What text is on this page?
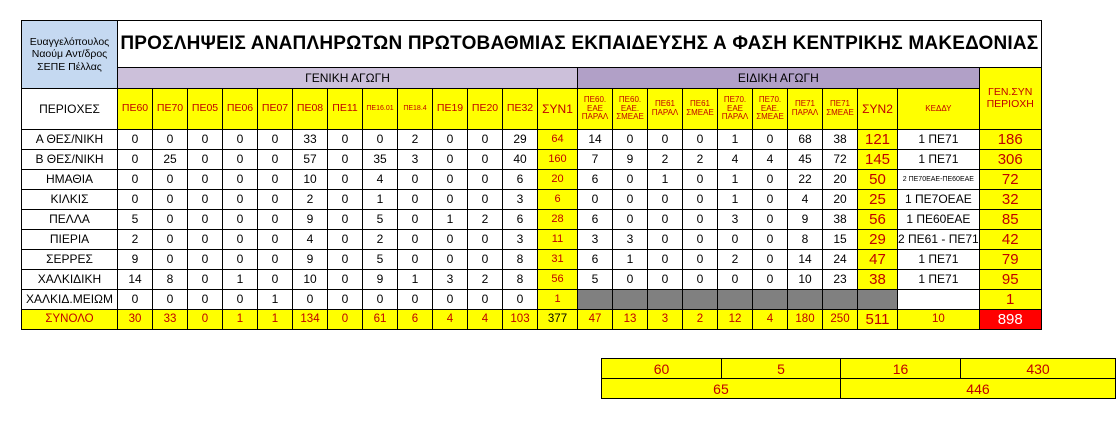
Ευαγγελόπουλος Ναούμ Αντ/δρος ΣΕΠΕ Πέλλας	ΠΡΟΣΛΗΨΕΙΣ ΑΝΑΠΛΗΡΩΤΩΝ ΠΡΩΤΟΒΑΘΜΙΑΣ ΕΚΠΑΙΔΕΥΣΗΣ Α ΦΑΣΗ ΚΕΝΤΡΙΚΗΣ ΜΑΚΕΔΟΝΙΑΣ																							
	ΓΕΝΙΚΗ ΑΓΩΓΗ													ΕΙΔΙΚΗ ΑΓΩΓΗ										ΓΕΝ.ΣΥΝ ΠΕΡΙΟΧΗ
ΠΕΡΙΟΧΕΣ	ΠΕ60	ΠΕ70	ΠΕ05	ΠΕ06	ΠΕ07	ΠΕ08	ΠΕ11	ΠΕ16.01	ΠΕ18.4	ΠΕ19	ΠΕ20	ΠΕ32	ΣΥΝ1	ΠΕ60. ΕΑΕ ΠΑΡΑΛ	ΠΕ60. ΕΑΕ. ΣΜΕΑΕ	ΠΕ61 ΠΑΡΑΛ	ΠΕ61 ΣΜΕΑΕ	ΠΕ70. ΕΑΕ ΠΑΡΑΛ	ΠΕ70. ΕΑΕ. ΣΜΕΑΕ	ΠΕ71 ΠΑΡΑΛ	ΠΕ71 ΣΜΕΑΕ	ΣΥΝ2	ΚΕΔΔΥ	
Α ΘΕΣ/ΝΙΚΗ	0	0	0	0	0	33	0	0	2	0	0	29	64	14	0	0	0	1	0	68	38	121	1 ΠΕ71	186
Β ΘΕΣ/ΝΙΚΗ	0	25	0	0	0	57	0	35	3	0	0	40	160	7	9	2	2	4	4	45	72	145	1 ΠΕ71	306
ΗΜΑΘΙΑ	0	0	0	0	0	10	0	4	0	0	0	6	20	6	0	1	0	1	0	22	20	50	2 ΠΕ70ΕΑΕ-ΠΕ60ΕΑΕ	72
ΚΙΛΚΙΣ	0	0	0	0	0	2	0	1	0	0	0	3	6	0	0	0	0	1	0	4	20	25	1 ΠΕ7ΟΕΑΕ	32
ΠΕΛΛΑ	5	0	0	0	0	9	0	5	0	1	2	6	28	6	0	0	0	3	0	9	38	56	1 ΠΕ60ΕΑΕ	85
ΠΙΕΡΙΑ	2	0	0	0	0	4	0	2	0	0	0	3	11	3	3	0	0	0	0	8	15	29	2 ΠΕ61 - ΠΕ71	42
ΣΕΡΡΕΣ	9	0	0	0	0	9	0	5	0	0	0	8	31	6	1	0	0	2	0	14	24	47	1 ΠΕ71	79
ΧΑΛΚΙΔΙΚΗ	14	8	0	1	0	10	0	9	1	3	2	8	56	5	0	0	0	0	0	10	23	38	1 ΠΕ71	95
ΧΑΛΚΙΔ.ΜΕΙΩΜ	0	0	0	0	1	0	0	0	0	0	0	0	1											1
ΣΥΝΟΛΟ	30	33	0	1	1	134	0	61	6	4	4	103	377	47	13	3	2	12	4	180	250	511	10	898
60	5	16	430
65		446	
